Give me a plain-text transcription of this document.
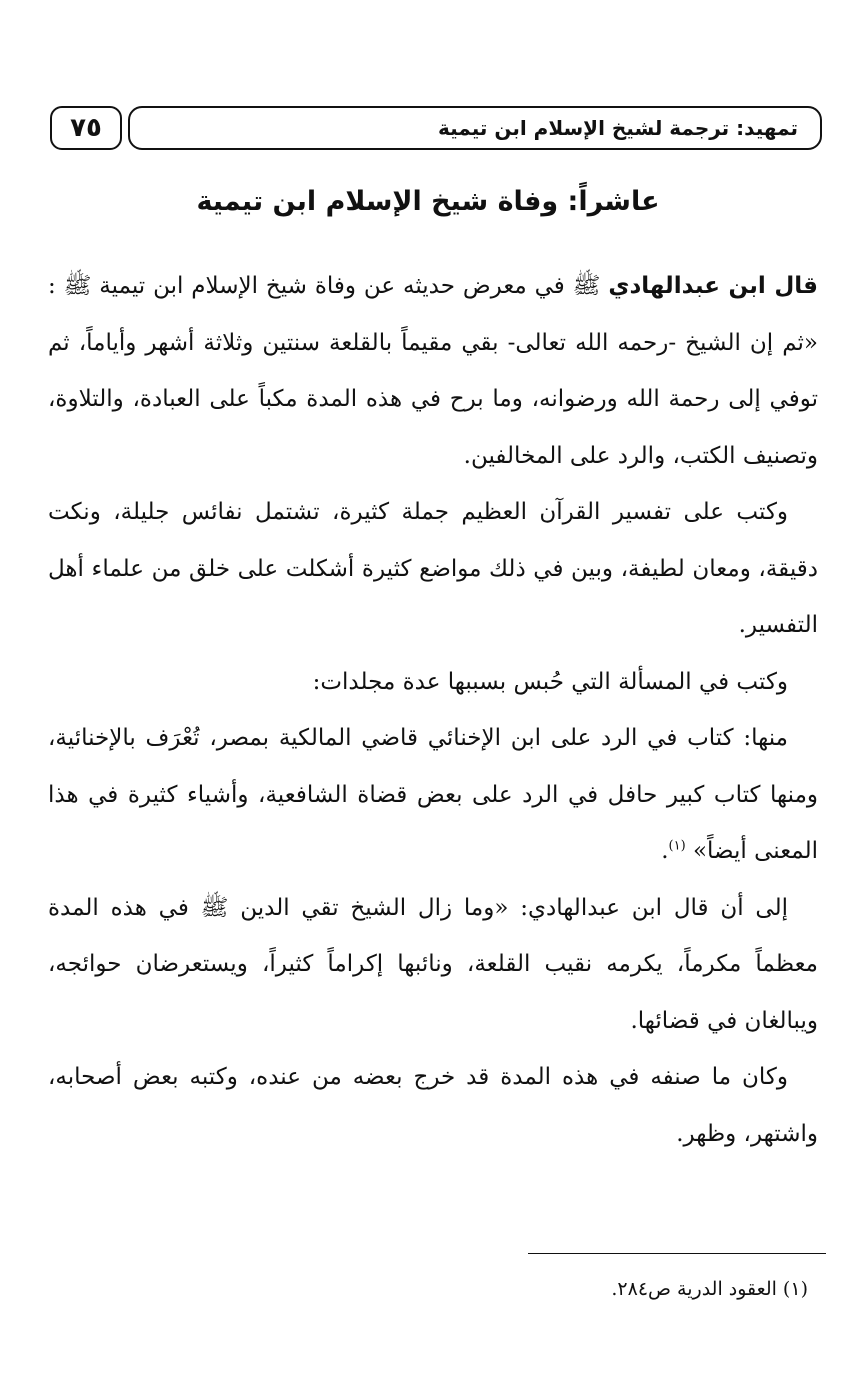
تمهيد: ترجمة لشيخ الإسلام ابن تيمية
٧٥
عاشراً: وفاة شيخ الإسلام ابن تيمية

قال ابن عبدالهادي ﷺ في معرض حديثه عن وفاة شيخ الإسلام ابن تيمية ﷺ : «ثم إن الشيخ -رحمه الله تعالى- بقي مقيماً بالقلعة سنتين وثلاثة أشهر وأياماً، ثم توفي إلى رحمة الله ورضوانه، وما برح في هذه المدة مكباً على العبادة، والتلاوة، وتصنيف الكتب، والرد على المخالفين.

وكتب على تفسير القرآن العظيم جملة كثيرة، تشتمل نفائس جليلة، ونكت دقيقة، ومعان لطيفة، وبين في ذلك مواضع كثيرة أشكلت على خلق من علماء أهل التفسير.

وكتب في المسألة التي حُبس بسببها عدة مجلدات:

منها: كتاب في الرد على ابن الإخنائي قاضي المالكية بمصر، تُعْرَف بالإخنائية، ومنها كتاب كبير حافل في الرد على بعض قضاة الشافعية، وأشياء كثيرة في هذا المعنى أيضاً» $^{(١)}$.

إلى أن قال ابن عبدالهادي: «وما زال الشيخ تقي الدين ﷺ في هذه المدة معظماً مكرماً، يكرمه نقيب القلعة، ونائبها إكراماً كثيراً، ويستعرضان حوائجه، ويبالغان في قضائها.

وكان ما صنفه في هذه المدة قد خرج بعضه من عنده، وكتبه بعض أصحابه، واشتهر، وظهر.

(١) العقود الدرية ص٢٨٤.
